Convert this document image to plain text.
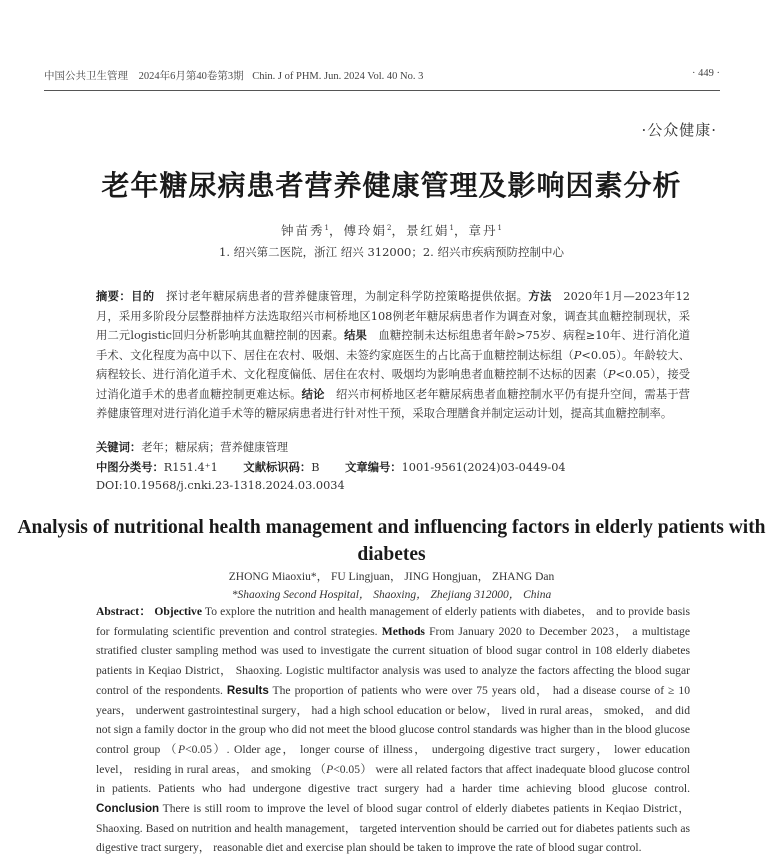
中国公共卫生管理 2024年6月第40卷第3期 Chin. J of PHM. Jun. 2024 Vol. 40 No. 3	· 449 ·
·公众健康·
老年糖尿病患者营养健康管理及影响因素分析
钟苗秀$^1$，傅玲娟$^2$，景红娟$^1$，章丹$^1$
1. 绍兴第二医院，浙江 绍兴 312000；2. 绍兴市疾病预防控制中心
摘要：目的　探讨老年糖尿病患者的营养健康管理，为制定科学防控策略提供依据。方法　2020年1月—2023年12月，采用多阶段分层整群抽样方法选取绍兴市柯桥地区108例老年糖尿病患者作为调查对象，调查其血糖控制现状，采用二元logistic回归分析影响其血糖控制的因素。结果　血糖控制未达标组患者年龄>75岁、病程≥10年、进行消化道手术、文化程度为高中以下、居住在农村、吸烟、未签约家庭医生的占比高于血糖控制达标组（P<0.05）。年龄较大、病程较长、进行消化道手术、文化程度偏低、居住在农村、吸烟均为影响患者血糖控制不达标的因素（P<0.05），接受过消化道手术的患者血糖控制更难达标。结论　绍兴市柯桥地区老年糖尿病患者血糖控制水平仍有提升空间，需基于营养健康管理对进行消化道手术等的糖尿病患者进行针对性干预，采取合理膳食并制定运动计划，提高其血糖控制率。
关键词：老年；糖尿病；营养健康管理
中图分类号：R151.4⁺1 文献标识码：B 文章编号：1001-9561(2024)03-0449-04
DOI:10.19568/j.cnki.23-1318.2024.03.0034
Analysis of nutritional health management and influencing factors in elderly patients with diabetes
ZHONG Miaoxiu*， FU Lingjuan， JING Hongjuan， ZHANG Dan
*Shaoxing Second Hospital， Shaoxing， Zhejiang 312000， China
Abstract： Objective To explore the nutrition and health management of elderly patients with diabetes， and to provide basis for formulating scientific prevention and control strategies. Methods From January 2020 to December 2023， a multistage stratified cluster sampling method was used to investigate the current situation of blood sugar control in 108 elderly diabetes patients in Keqiao District， Shaoxing. Logistic multifactor analysis was used to analyze the factors affecting the blood sugar control of the respondents. Results The proportion of patients who were over 75 years old， had a disease course of ≥ 10 years， underwent gastrointestinal surgery， had a high school education or below， lived in rural areas， smoked， and did not sign a family doctor in the group who did not meet the blood glucose control standards was higher than in the blood glucose control group （P<0.05）. Older age， longer course of illness， undergoing digestive tract surgery， lower education level， residing in rural areas， and smoking （P<0.05） were all related factors that affect inadequate blood glucose control in patients. Patients who had undergone digestive tract surgery had a harder time achieving blood glucose control. Conclusion There is still room to improve the level of blood sugar control of elderly diabetes patients in Keqiao District， Shaoxing. Based on nutrition and health management， targeted intervention should be carried out for diabetes patients such as digestive tract surgery， reasonable diet and exercise plan should be taken to improve the rate of blood sugar control.
